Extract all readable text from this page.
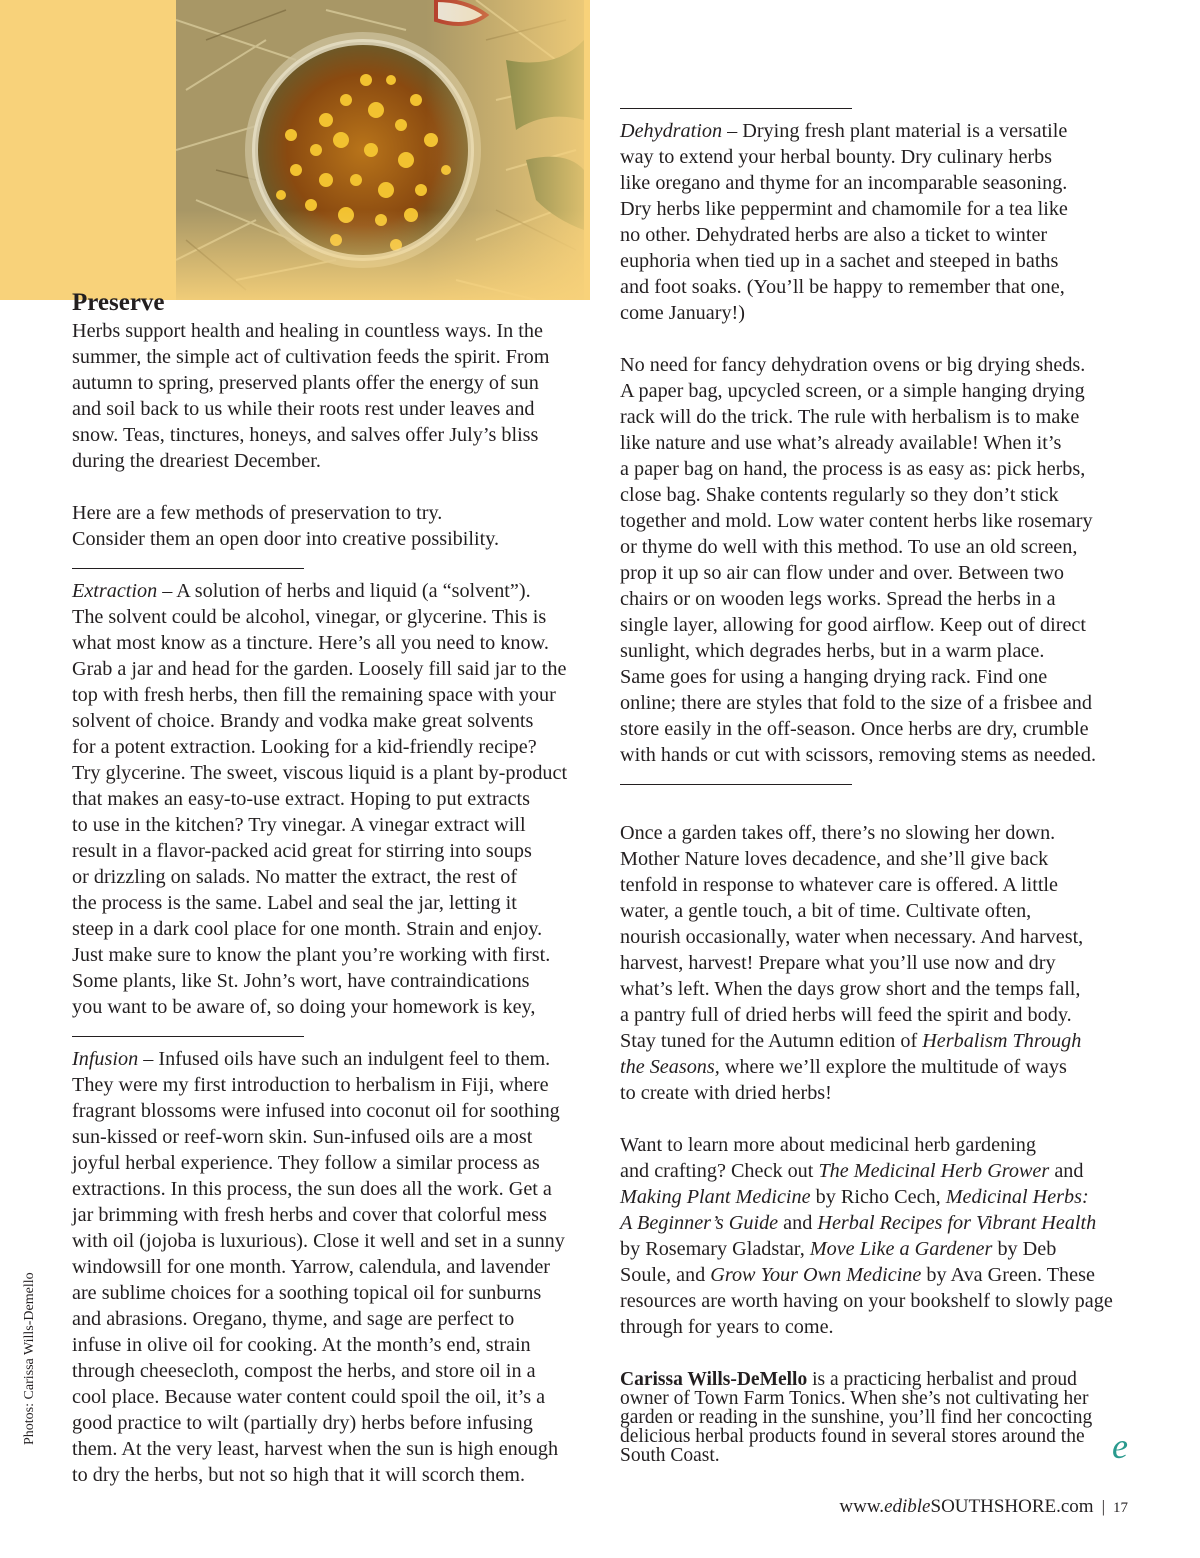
Preserve

Herbs support health and healing in countless ways. In the

summer, the simple act of cultivation feeds the spirit. From

autumn to spring, preserved plants offer the energy of sun

and soil back to us while their roots rest under leaves and

snow. Teas, tinctures, honeys, and salves offer July’s bliss

during the dreariest December.

Here are a few methods of preservation to try.

Consider them an open door into creative possibility.

Extraction – A solution of herbs and liquid (a “solvent”).

The solvent could be alcohol, vinegar, or glycerine. This is

what most know as a tincture. Here’s all you need to know.

Grab a jar and head for the garden. Loosely fill said jar to the

top with fresh herbs, then fill the remaining space with your

solvent of choice. Brandy and vodka make great solvents

for a potent extraction. Looking for a kid-friendly recipe?

Try glycerine. The sweet, viscous liquid is a plant by-product

that makes an easy-to-use extract. Hoping to put extracts

to use in the kitchen? Try vinegar. A vinegar extract will

result in a flavor-packed acid great for stirring into soups

or drizzling on salads. No matter the extract, the rest of

the process is the same. Label and seal the jar, letting it

steep in a dark cool place for one month. Strain and enjoy.

Just make sure to know the plant you’re working with first.

Some plants, like St. John’s wort, have contraindications

you want to be aware of, so doing your homework is key,

Infusion – Infused oils have such an indulgent feel to them.

They were my first introduction to herbalism in Fiji, where

fragrant blossoms were infused into coconut oil for soothing

sun-kissed or reef-worn skin. Sun-infused oils are a most

joyful herbal experience. They follow a similar process as

extractions. In this process, the sun does all the work. Get a

jar brimming with fresh herbs and cover that colorful mess

with oil (jojoba is luxurious). Close it well and set in a sunny

windowsill for one month. Yarrow, calendula, and lavender

are sublime choices for a soothing topical oil for sunburns

and abrasions. Oregano, thyme, and sage are perfect to

infuse in olive oil for cooking. At the month’s end, strain

through cheesecloth, compost the herbs, and store oil in a

cool place. Because water content could spoil the oil, it’s a

good practice to wilt (partially dry) herbs before infusing

them. At the very least, harvest when the sun is high enough

to dry the herbs, but not so high that it will scorch them.

Dehydration – Drying fresh plant material is a versatile

way to extend your herbal bounty. Dry culinary herbs

like oregano and thyme for an incomparable seasoning.

Dry herbs like peppermint and chamomile for a tea like

no other. Dehydrated herbs are also a ticket to winter

euphoria when tied up in a sachet and steeped in baths

and foot soaks. (You’ll be happy to remember that one,

come January!)

No need for fancy dehydration ovens or big drying sheds.

A paper bag, upcycled screen, or a simple hanging drying

rack will do the trick. The rule with herbalism is to make

like nature and use what’s already available! When it’s

a paper bag on hand, the process is as easy as: pick herbs,

close bag. Shake contents regularly so they don’t stick

together and mold. Low water content herbs like rosemary

or thyme do well with this method. To use an old screen,

prop it up so air can flow under and over. Between two

chairs or on wooden legs works. Spread the herbs in a

single layer, allowing for good airflow. Keep out of direct

sunlight, which degrades herbs, but in a warm place.

Same goes for using a hanging drying rack. Find one

online; there are styles that fold to the size of a frisbee and

store easily in the off-season. Once herbs are dry, crumble

with hands or cut with scissors, removing stems as needed.

Once a garden takes off, there’s no slowing her down.

Mother Nature loves decadence, and she’ll give back

tenfold in response to whatever care is offered. A little

water, a gentle touch, a bit of time. Cultivate often,

nourish occasionally, water when necessary. And harvest,

harvest, harvest! Prepare what you’ll use now and dry

what’s left. When the days grow short and the temps fall,

a pantry full of dried herbs will feed the spirit and body.

Stay tuned for the Autumn edition of Herbalism Through

the Seasons, where we’ll explore the multitude of ways

to create with dried herbs!

Want to learn more about medicinal herb gardening

and crafting? Check out The Medicinal Herb Grower and

Making Plant Medicine by Richo Cech, Medicinal Herbs:

A Beginner’s Guide and Herbal Recipes for Vibrant Health

by Rosemary Gladstar, Move Like a Gardener by Deb

Soule, and Grow Your Own Medicine by Ava Green. These

resources are worth having on your bookshelf to slowly page

through for years to come.

Carissa Wills-DeMello is a practicing herbalist and proud

owner of Town Farm Tonics. When she’s not cultivating her

garden or reading in the sunshine, you’ll find her concocting

delicious herbal products found in several stores around the

South Coast.

Photos: Carissa Wills-Demello
e
www.edibleSOUTHSHORE.com | 17
